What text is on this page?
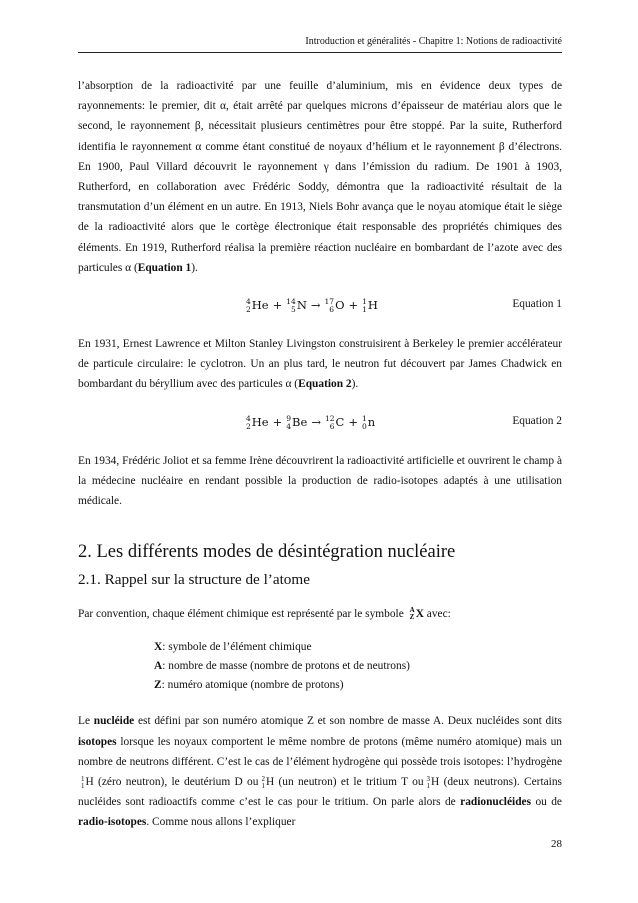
Introduction et généralités - Chapitre 1: Notions de radioactivité

l’absorption de la radioactivité par une feuille d’aluminium, mis en évidence deux types de rayonnements: le premier, dit α, était arrêté par quelques microns d’épaisseur de matériau alors que le second, le rayonnement β, nécessitait plusieurs centimètres pour être stoppé. Par la suite, Rutherford identifia le rayonnement α comme étant constitué de noyaux d’hélium et le rayonnement β d’électrons. En 1900, Paul Villard découvrit le rayonnement γ dans l’émission du radium. De 1901 à 1903, Rutherford, en collaboration avec Frédéric Soddy, démontra que la radioactivité résultait de la transmutation d’un élément en un autre. En 1913, Niels Bohr avança que le noyau atomique était le siège de la radioactivité alors que le cortège électronique était responsable des propriétés chimiques des éléments. En 1919, Rutherford réalisa la première réaction nucléaire en bombardant de l’azote avec des particules α (Equation 1).

4
2 He + 14
5 N → 17
6 O + 1
1 H	Equation 1

En 1931, Ernest Lawrence et Milton Stanley Livingston construisirent à Berkeley le premier accélérateur de particule circulaire: le cyclotron. Un an plus tard, le neutron fut découvert par James Chadwick en bombardant du béryllium avec des particules α (Equation 2).

4
2 He + 9
4 Be → 12
6 C + 1
0 n	Equation 2

En 1934, Frédéric Joliot et sa femme Irène découvrirent la radioactivité artificielle et ouvrirent le champ à la médecine nucléaire en rendant possible la production de radio-isotopes adaptés à une utilisation médicale.

2. Les différents modes de désintégration nucléaire
2.1. Rappel sur la structure de l’atome

Par convention, chaque élément chimique est représenté par le symbole A
Z X avec:

X: symbole de l’élément chimique
A: nombre de masse (nombre de protons et de neutrons)
Z: numéro atomique (nombre de protons)

Le nucléide est défini par son numéro atomique Z et son nombre de masse A. Deux nucléides sont dits isotopes lorsque les noyaux comportent le même nombre de protons (même numéro atomique) mais un nombre de neutrons différent. C’est le cas de l’élément hydrogène qui possède trois isotopes: l’hydrogène
1
1 H (zéro neutron), le deutérium D ou 2
1 H (un neutron) et le tritium T ou 3
1 H (deux neutrons). Certains nucléides sont radioactifs comme c’est le cas pour le tritium. On parle alors de radionucléides ou de radio-isotopes. Comme nous allons l’expliquer

28
